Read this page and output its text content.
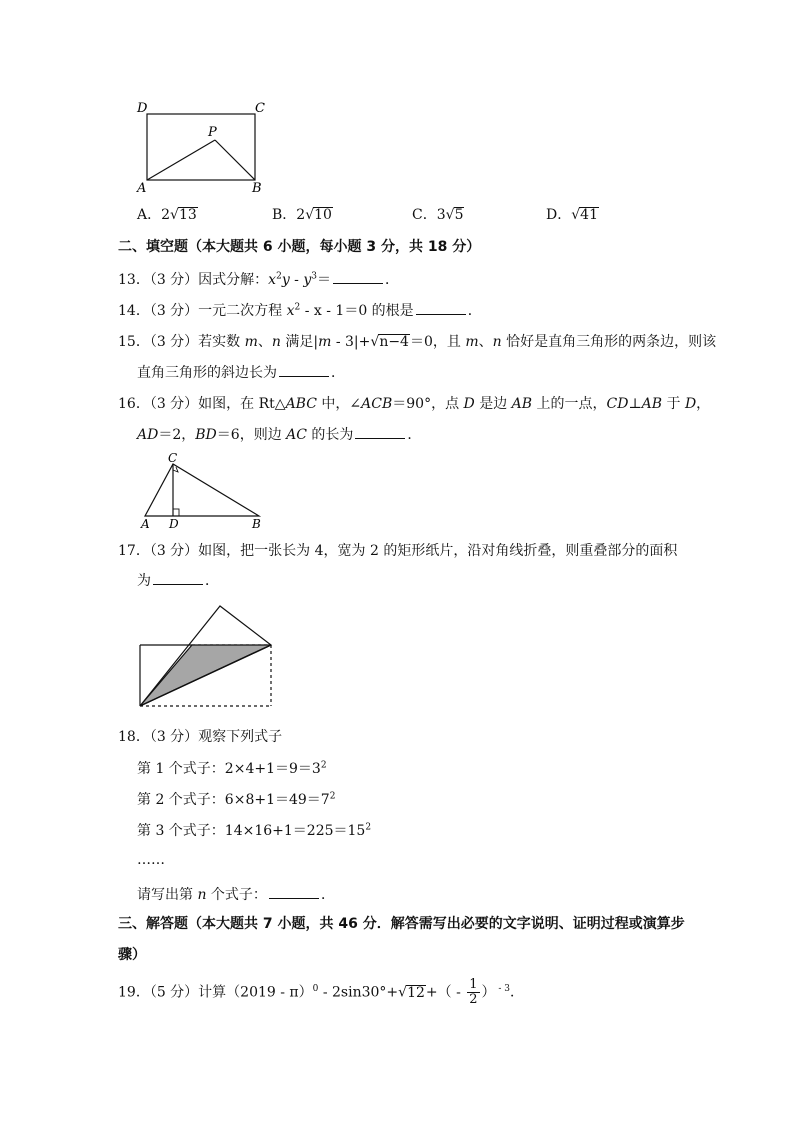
D	C
P
A	B
A．2√13	B．2√10	C．3√5	D．√41
二、填空题（本大题共 6 小题，每小题 3 分，共 18 分）
13．（3 分）因式分解：$x^2y - y^3=$	．
14．（3 分）一元二次方程 $x^2 - x - 1=0$ 的根是	．
15．（3 分）若实数 m、n 满足|m - 3|+√n−4＝0，且 m、n 恰好是直角三角形的两条边，则该
直角三角形的斜边长为	．
16．（3 分）如图，在 Rt△ABC 中，∠ACB＝90°，点 D 是边 AB 上的一点，CD⊥AB 于 D，
AD＝2，BD＝6，则边 AC 的长为	．
C
A D	B
17．（3 分）如图，把一张长为 4，宽为 2 的矩形纸片，沿对角线折叠，则重叠部分的面积
为	．
18．（3 分）观察下列式子
第 1 个式子：$2\times 4+1=9=3^2$
第 2 个式子：$6\times 8+1=49=7^2$
第 3 个式子：$14\times 16+1=225=15^2$
……
请写出第 n 个式子：	．
三、解答题（本大题共 7 小题，共 46 分．解答需写出必要的文字说明、证明过程或演算步
骤）
19．（5 分）计算$(2019 - \pi)^0 - 2\sin 30^\circ+√12+( - \frac{1}{2}$ ） $^{- 3}$．
